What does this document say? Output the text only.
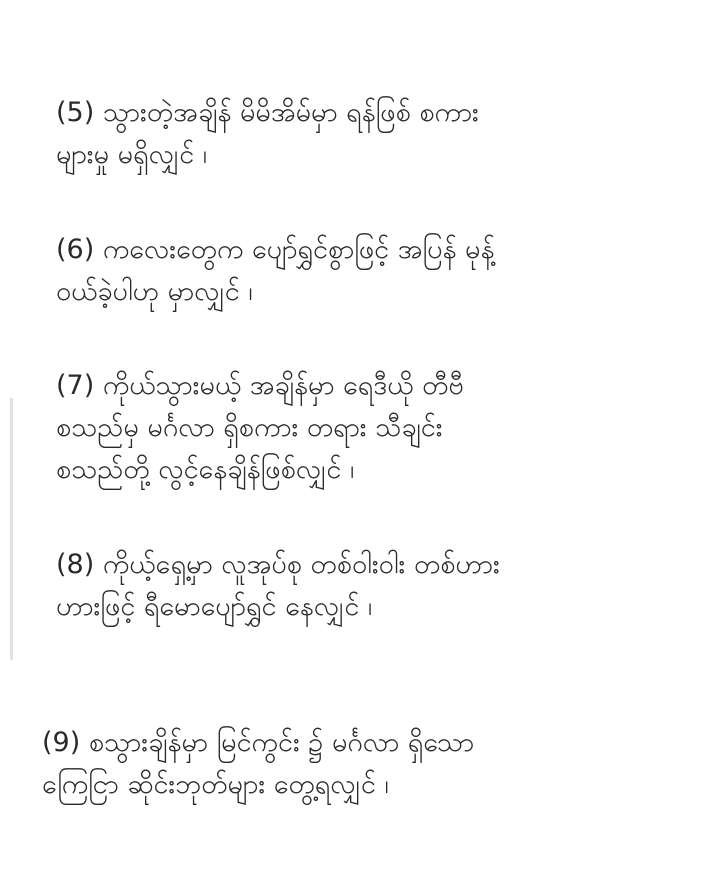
(5) သွားတဲ့အချိန် မိမိအိမ်မှာ ရန်ဖြစ် စကား
များမှု မရှိလျှင် ၊

(6) ကလေးတွေက ပျော်ရွှင်စွာဖြင့် အပြန် မုန့်
ဝယ်ခဲ့ပါဟု မှာလျှင် ၊

(7) ကိုယ်သွားမယ့် အချိန်မှာ ရေဒီယို တီဗီ
စသည်မှ မင်္ဂလာ ရှိစကား တရား သီချင်း
စသည်တို့ လွင့်နေချိန်ဖြစ်လျှင် ၊

(8) ကိုယ့်ရှေ့မှာ လူအုပ်စု တစ်ဝါးဝါး တစ်ဟား
ဟားဖြင့် ရီမောပျော်ရွှင် နေလျှင် ၊

(9) စသွားချိန်မှာ မြင်ကွင်း ၌ မင်္ဂလာ ရှိသော
ကြေငြာ ဆိုင်းဘုတ်များ တွေ့ရလျှင် ၊
